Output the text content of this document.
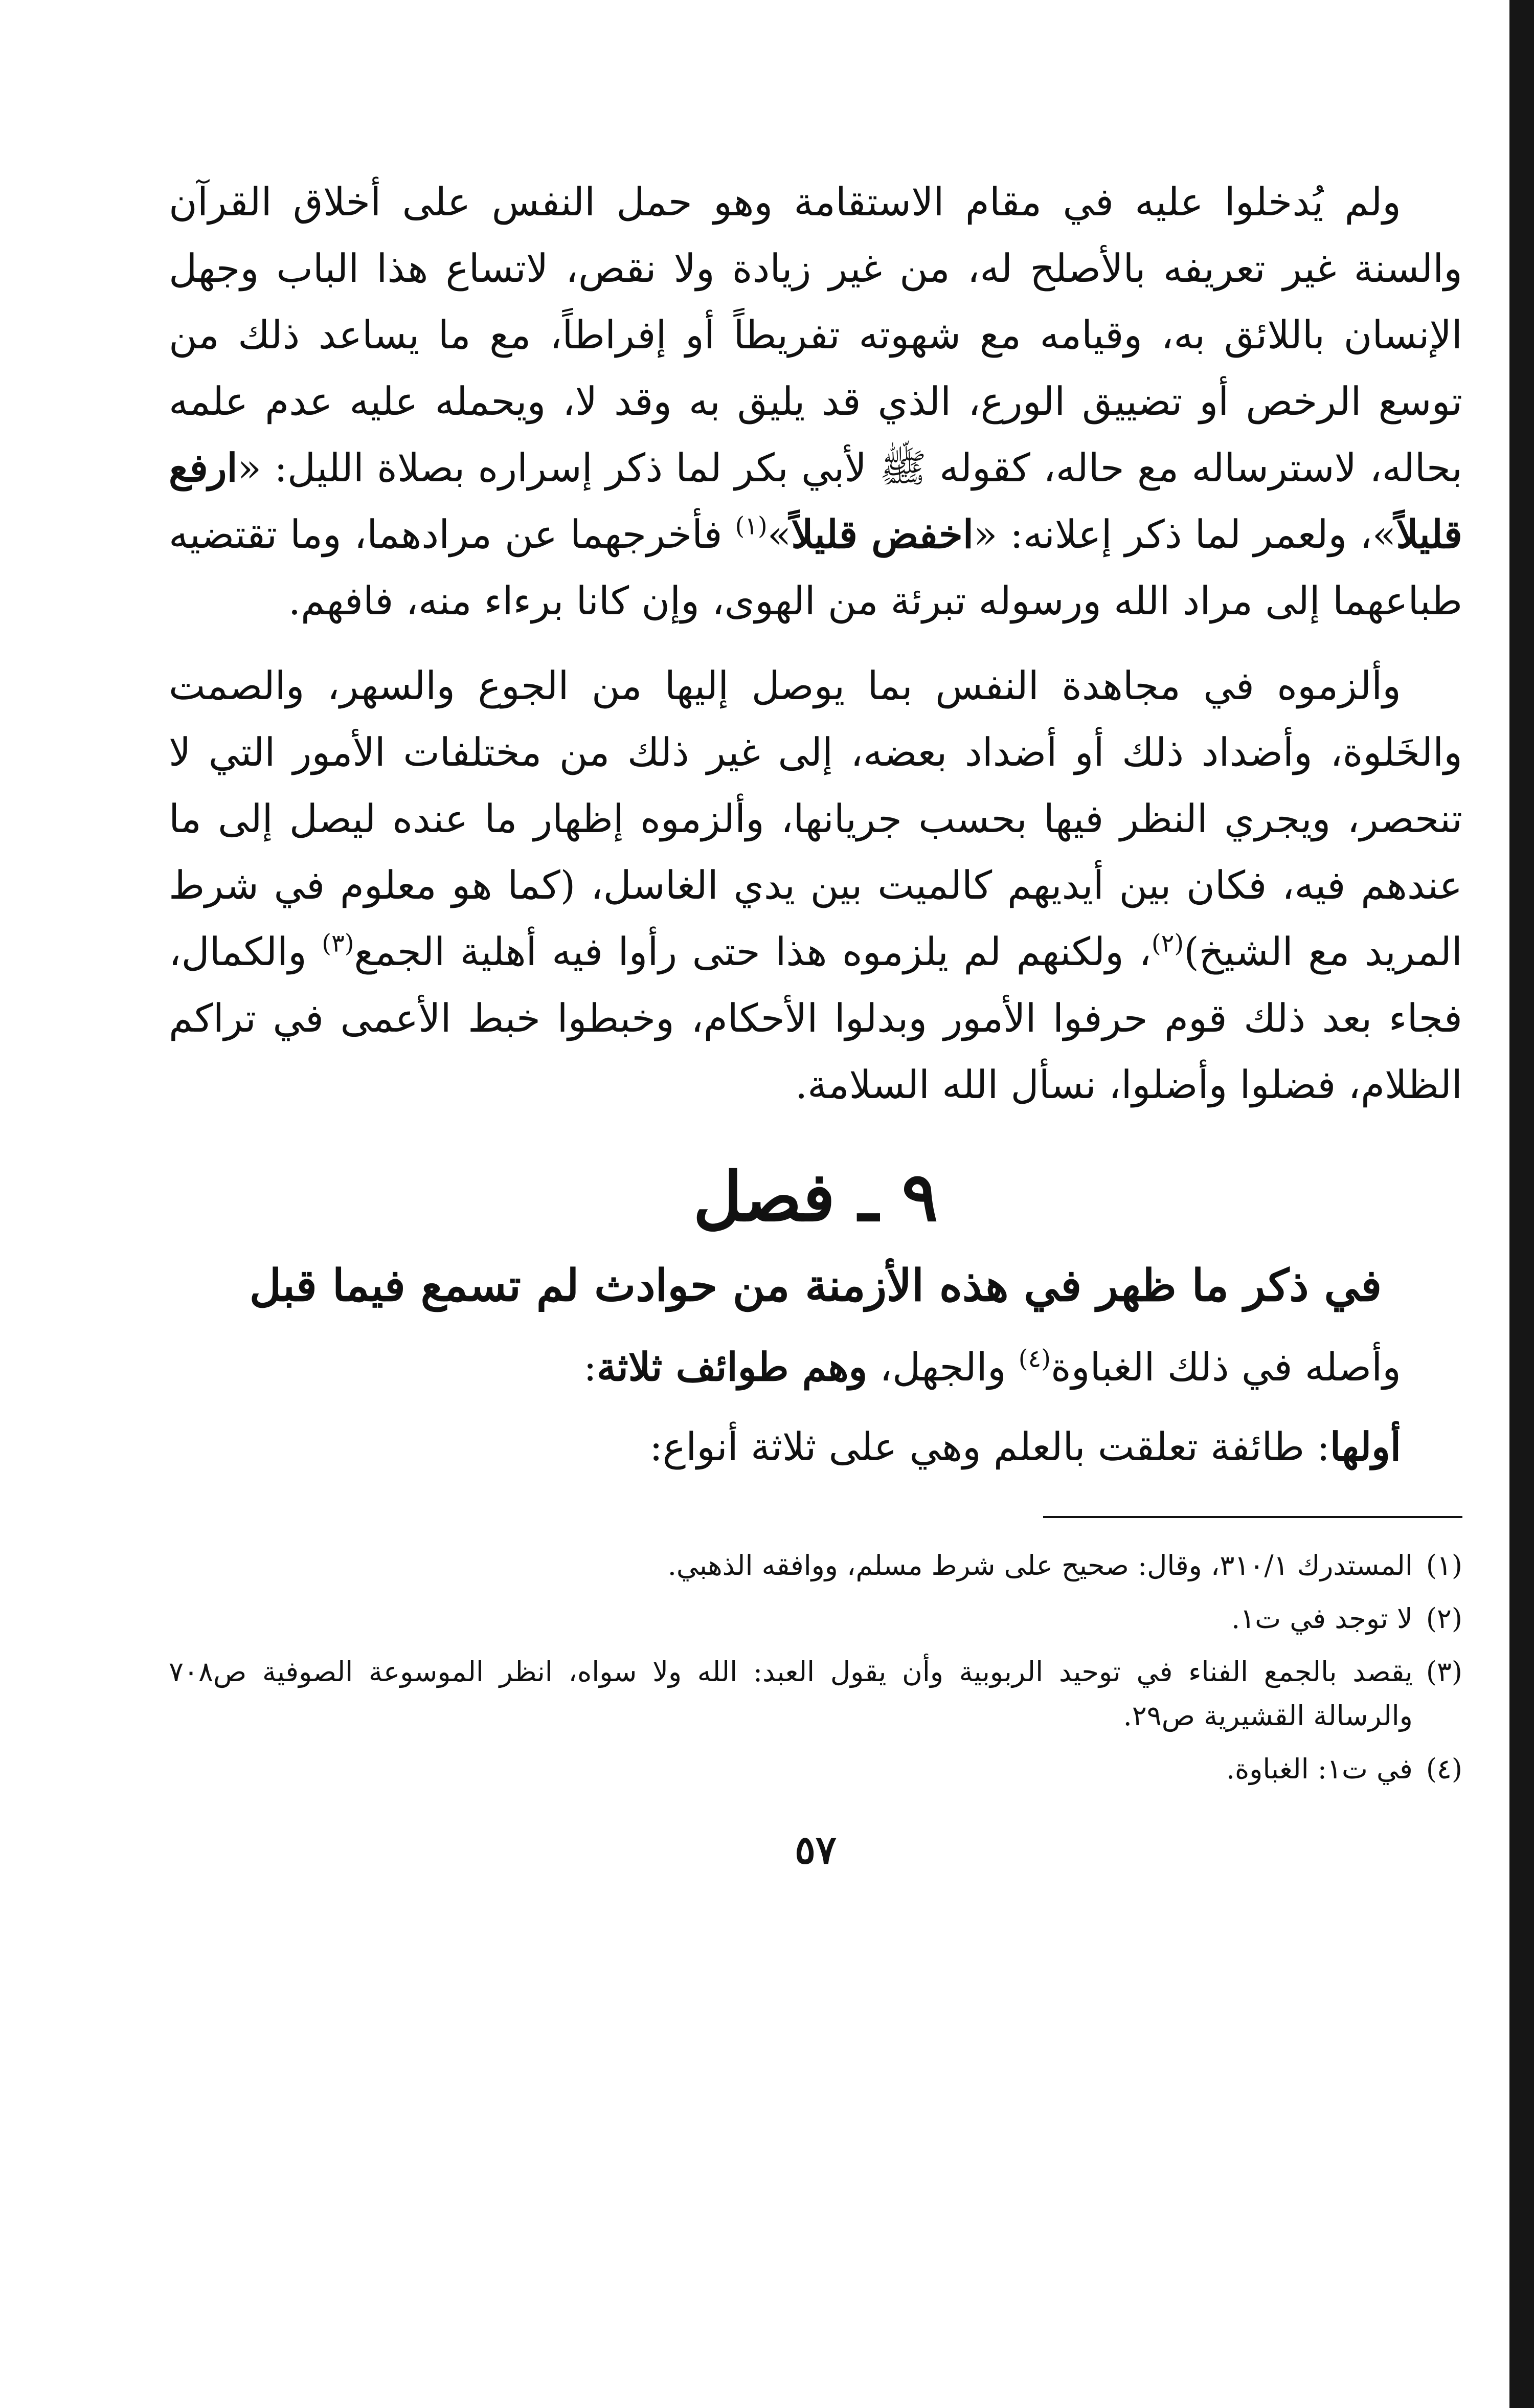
ولم يُدخلوا عليه في مقام الاستقامة وهو حمل النفس على أخلاق القرآن والسنة غير تعريفه بالأصلح له، من غير زيادة ولا نقص، لاتساع هذا الباب وجهل الإنسان باللائق به، وقيامه مع شهوته تفريطاً أو إفراطاً، مع ما يساعد ذلك من توسع الرخص أو تضييق الورع، الذي قد يليق به وقد لا، ويحمله عليه عدم علمه بحاله، لاسترساله مع حاله، كقوله ﷺ لأبي بكر لما ذكر إسراره بصلاة الليل: «ارفع قليلاً»، ولعمر لما ذكر إعلانه: «اخفض قليلاً»$^{(١)}$ فأخرجهما عن مرادهما، وما تقتضيه طباعهما إلى مراد الله ورسوله تبرئة من الهوى، وإن كانا برءاء منه، فافهم.

وألزموه في مجاهدة النفس بما يوصل إليها من الجوع والسهر، والصمت والخَلوة، وأضداد ذلك أو أضداد بعضه، إلى غير ذلك من مختلفات الأمور التي لا تنحصر، ويجري النظر فيها بحسب جريانها، وألزموه إظهار ما عنده ليصل إلى ما عندهم فيه، فكان بين أيديهم كالميت بين يدي الغاسل، (كما هو معلوم في شرط المريد مع الشيخ)$^{(٢)}$، ولكنهم لم يلزموه هذا حتى رأوا فيه أهلية الجمع$^{(٣)}$ والكمال، فجاء بعد ذلك قوم حرفوا الأمور وبدلوا الأحكام، وخبطوا خبط الأعمى في تراكم الظلام، فضلوا وأضلوا، نسأل الله السلامة.

٩ ـ فصل
في ذكر ما ظهر في هذه الأزمنة من حوادث لم تسمع فيما قبل
وأصله في ذلك الغباوة$^{(٤)}$ والجهل، وهم طوائف ثلاثة:
أولها: طائفة تعلقت بالعلم وهي على ثلاثة أنواع:
(١)
المستدرك ٣١٠/١، وقال: صحيح على شرط مسلم، ووافقه الذهبي.
(٢)
لا توجد في ت١.
(٣)
يقصد بالجمع الفناء في توحيد الربوبية وأن يقول العبد: الله ولا سواه، انظر الموسوعة الصوفية ص٧٠٨ والرسالة القشيرية ص٢٩.
(٤)
في ت١: الغباوة.
٥٧
